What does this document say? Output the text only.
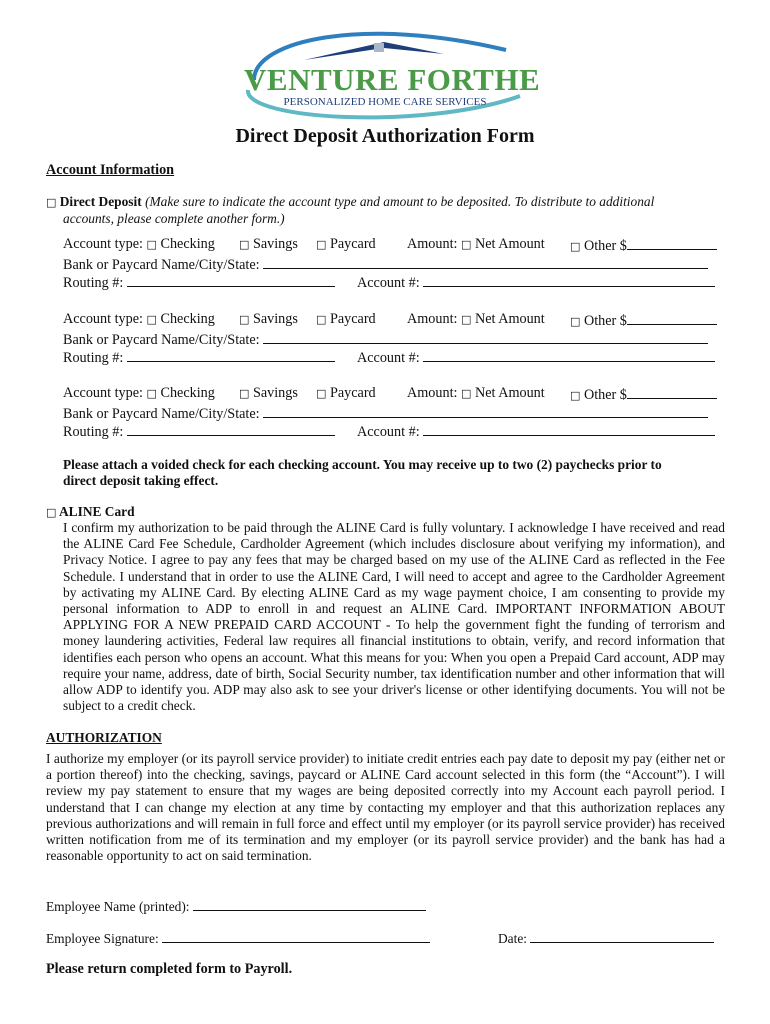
VENTURE FORTHE
PERSONALIZED HOME CARE SERVICES
Direct Deposit Authorization Form
Account Information
□ Direct Deposit (Make sure to indicate the account type and amount to be deposited. To distribute to additional
accounts, please complete another form.)
Account type: □ Checking □ Savings □ Paycard Amount: □ Net Amount □ Other $
Bank or Paycard Name/City/State:
Routing #:	Account #:
Account type: □ Checking □ Savings □ Paycard Amount: □ Net Amount □ Other $
Bank or Paycard Name/City/State:
Routing #:	Account #:
Account type: □ Checking □ Savings □ Paycard Amount: □ Net Amount □ Other $
Bank or Paycard Name/City/State:
Routing #:	Account #:
Please attach a voided check for each checking account. You may receive up to two (2) paychecks prior to
direct deposit taking effect.
□ ALINE Card
I confirm my authorization to be paid through the ALINE Card is fully voluntary. I acknowledge I have received and read the ALINE Card Fee Schedule, Cardholder Agreement (which includes disclosure about verifying my information), and Privacy Notice. I agree to pay any fees that may be charged based on my use of the ALINE Card as reflected in the Fee Schedule. I understand that in order to use the ALINE Card, I will need to accept and agree to the Cardholder Agreement by activating my ALINE Card. By electing ALINE Card as my wage payment choice, I am consenting to provide my personal information to ADP to enroll in and request an ALINE Card. IMPORTANT INFORMATION ABOUT APPLYING FOR A NEW PREPAID CARD ACCOUNT - To help the government fight the funding of terrorism and money laundering activities, Federal law requires all financial institutions to obtain, verify, and record information that identifies each person who opens an account. What this means for you: When you open a Prepaid Card account, ADP may require your name, address, date of birth, Social Security number, tax identification number and other information that will allow ADP to identify you. ADP may also ask to see your driver's license or other identifying documents. You will not be subject to a credit check.
AUTHORIZATION
I authorize my employer (or its payroll service provider) to initiate credit entries each pay date to deposit my pay (either net or a portion thereof) into the checking, savings, paycard or ALINE Card account selected in this form (the “Account”). I will review my pay statement to ensure that my wages are being deposited correctly into my Account each payroll period. I understand that I can change my election at any time by contacting my employer and that this authorization replaces any previous authorizations and will remain in full force and effect until my employer (or its payroll service provider) has received written notification from me of its termination and my employer (or its payroll service provider) and the bank has had a reasonable opportunity to act on said termination.
Employee Name (printed):
Employee Signature:	Date:
Please return completed form to Payroll.
